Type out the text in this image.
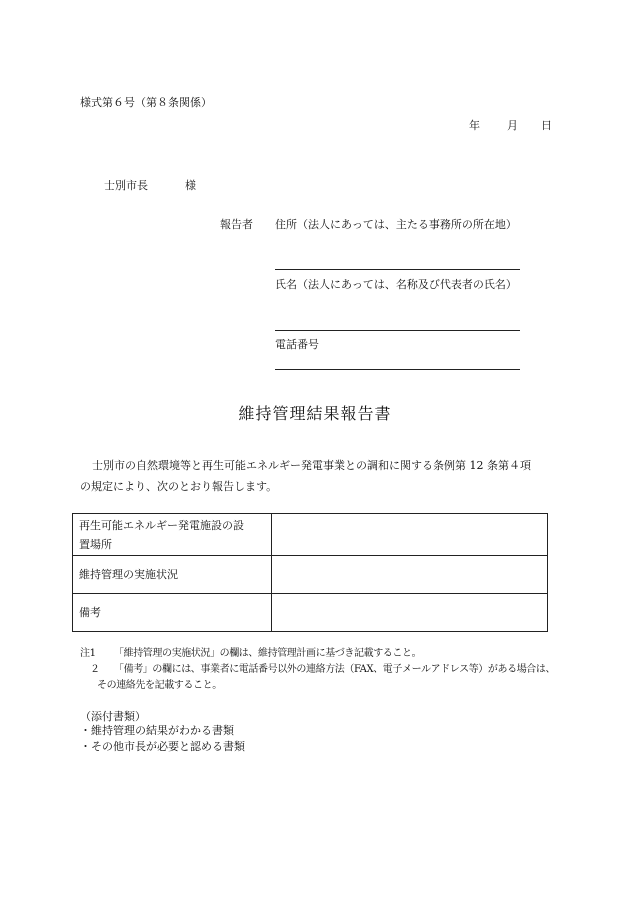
様式第６号（第８条関係）
年 月 日
士別市長	様
報告者 住所（法人にあっては、主たる事務所の所在地）
氏名（法人にあっては、名称及び代表者の氏名）
電話番号
維持管理結果報告書
士別市の自然環境等と再生可能エネルギー発電事業との調和に関する条例第 12 条第４項
の規定により、次のとおり報告します。
再生可能エネルギー発電施設の設
置場所	

維持管理の実施状況	
備考	
注1 「維持管理の実施状況」の欄は、維持管理計画に基づき記載すること。
２ 「備考」の欄には、事業者に電話番号以外の連絡方法（FAX、電子メールアドレス等）がある場合は、
その連絡先を記載すること。
（添付書類）
・維持管理の結果がわかる書類
・その他市長が必要と認める書類
